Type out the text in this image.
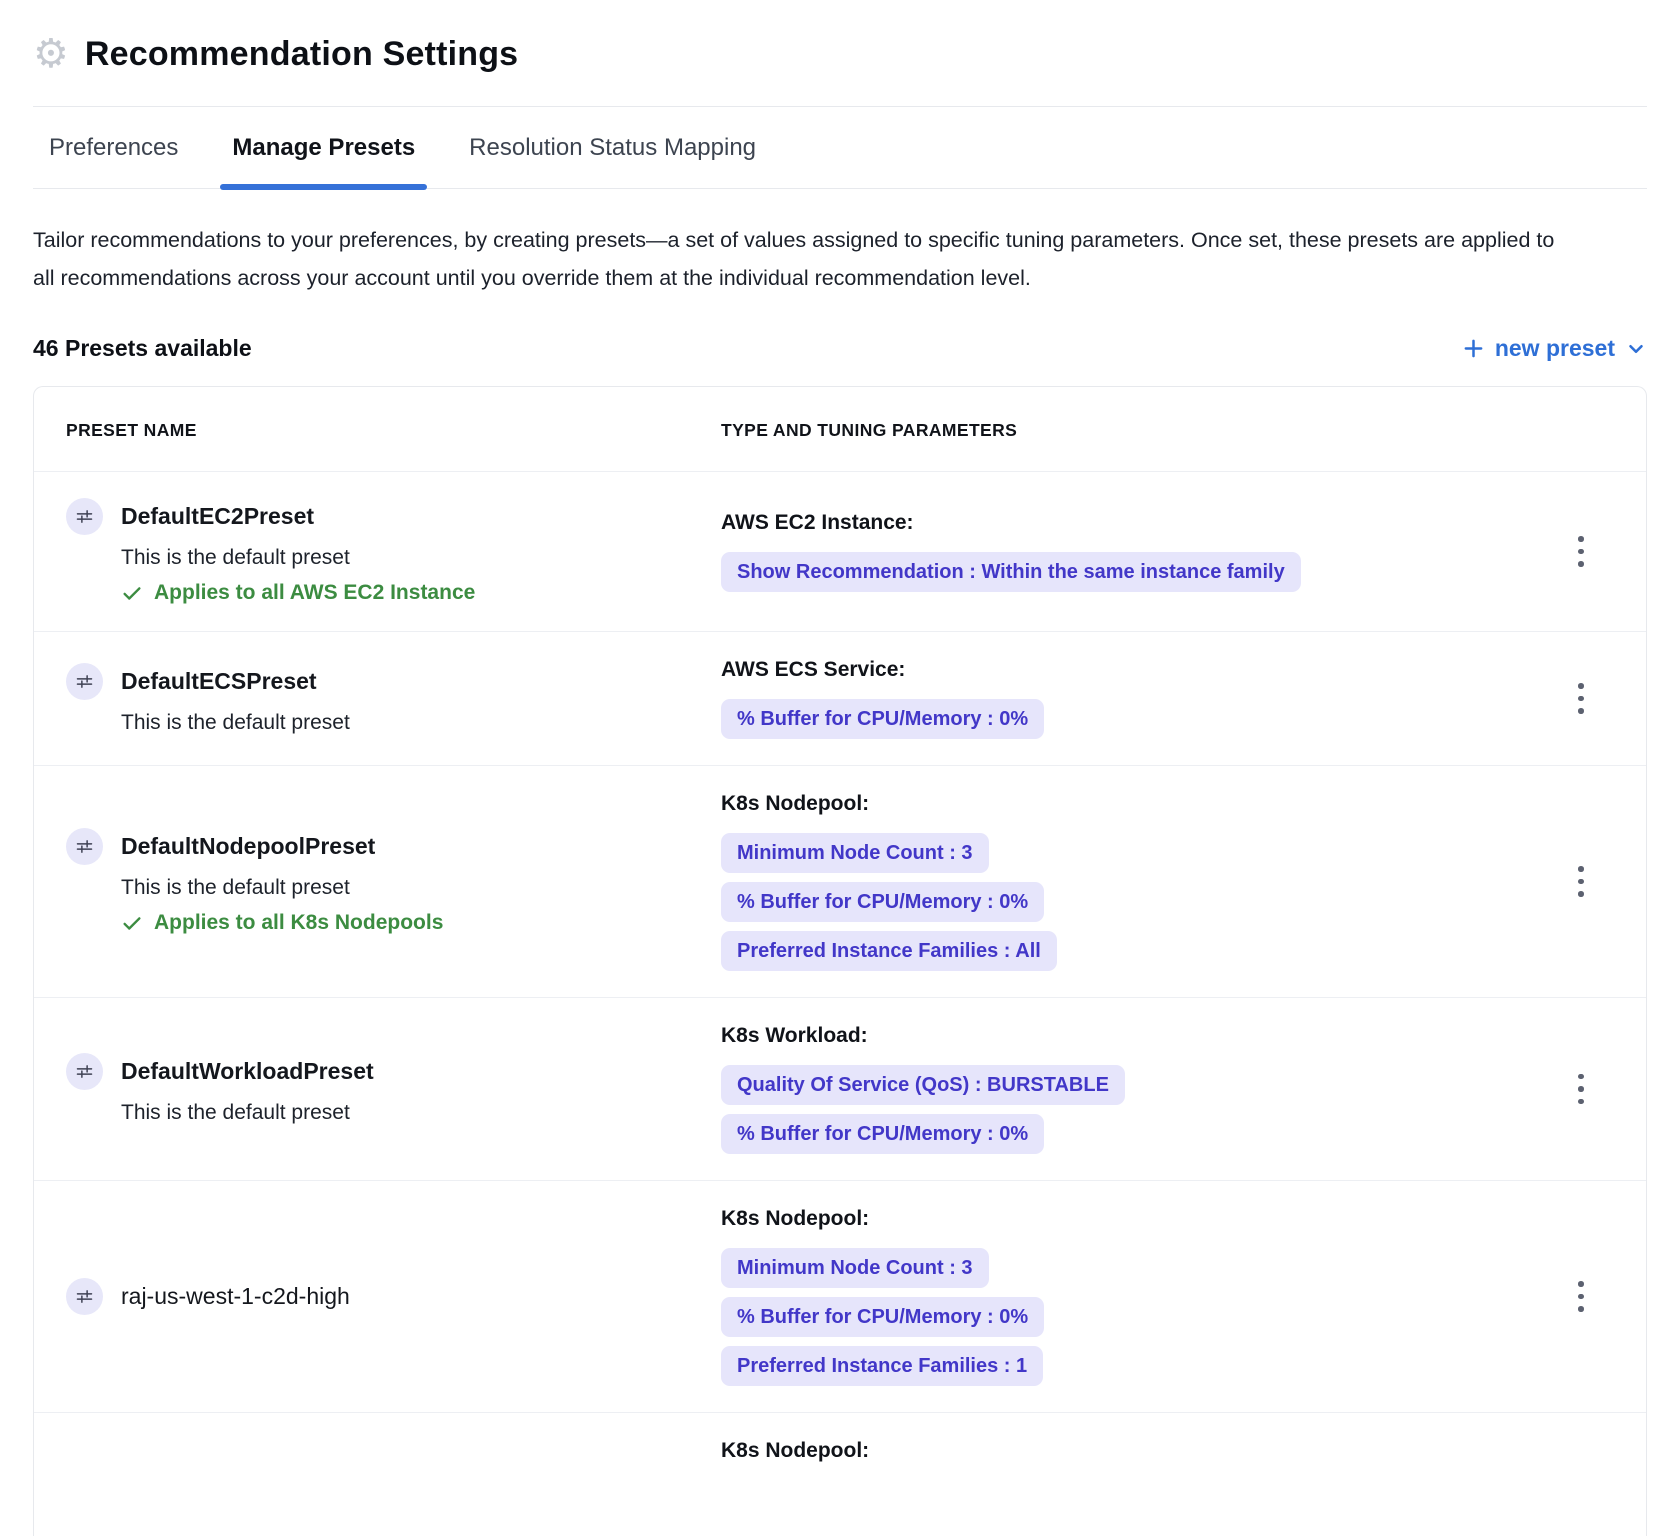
⚙ Recommendation Settings
Preferences Manage Presets Resolution Status Mapping

Tailor recommendations to your preferences, by creating presets—a set of values assigned to specific tuning parameters. Once set, these presets are applied to all recommendations across your account until you override them at the individual recommendation level.

46 Presets available	new preset
PRESET NAME	TYPE AND TUNING PARAMETERS
DefaultEC2Preset
This is the default preset
Applies to all AWS EC2 Instance
AWS EC2 Instance:
Show Recommendation : Within the same instance family
DefaultECSPreset
This is the default preset
AWS ECS Service:
% Buffer for CPU/Memory : 0%
DefaultNodepoolPreset
This is the default preset
Applies to all K8s Nodepools
K8s Nodepool:
Minimum Node Count : 3
% Buffer for CPU/Memory : 0%
Preferred Instance Families : All
DefaultWorkloadPreset
This is the default preset
K8s Workload:
Quality Of Service (QoS) : BURSTABLE
% Buffer for CPU/Memory : 0%
raj-us-west-1-c2d-high
K8s Nodepool:
Minimum Node Count : 3
% Buffer for CPU/Memory : 0%
Preferred Instance Families : 1
K8s Nodepool:
